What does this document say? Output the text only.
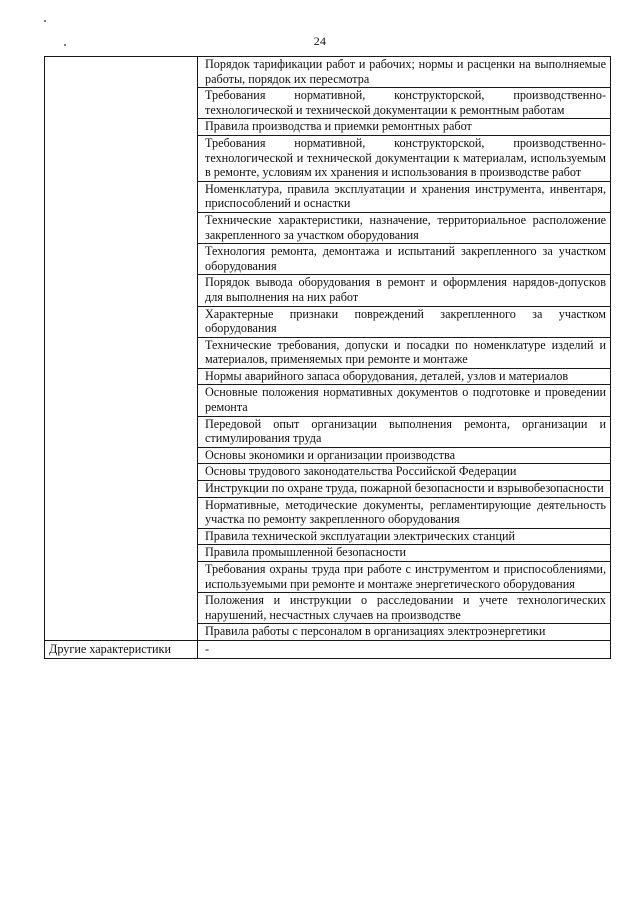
24
	Порядок тарификации работ и рабочих; нормы и расценки на выполняемые работы, порядок их пересмотра
	Требования нормативной, конструкторской, производственно-технологической и технической документации к ремонтным работам
	Правила производства и приемки ремонтных работ
	Требования нормативной, конструкторской, производственно-технологической и технической документации к материалам, используемым в ремонте, условиям их хранения и использования в производстве работ
	Номенклатура, правила эксплуатации и хранения инструмента, инвентаря, приспособлений и оснастки
	Технические характеристики, назначение, территориальное расположение закрепленного за участком оборудования
	Технология ремонта, демонтажа и испытаний закрепленного за участком оборудования
	Порядок вывода оборудования в ремонт и оформления нарядов-допусков для выполнения на них работ
	Характерные признаки повреждений закрепленного за участком оборудования
	Технические требования, допуски и посадки по номенклатуре изделий и материалов, применяемых при ремонте и монтаже
	Нормы аварийного запаса оборудования, деталей, узлов и материалов
	Основные положения нормативных документов о подготовке и проведении ремонта
	Передовой опыт организации выполнения ремонта, организации и стимулирования труда
	Основы экономики и организации производства
	Основы трудового законодательства Российской Федерации
	Инструкции по охране труда, пожарной безопасности и взрывобезопасности
	Нормативные, методические документы, регламентирующие деятельность участка по ремонту закрепленного оборудования
	Правила технической эксплуатации электрических станций
	Правила промышленной безопасности
	Требования охраны труда при работе с инструментом и приспособлениями, используемыми при ремонте и монтаже энергетического оборудования
	Положения и инструкции о расследовании и учете технологических нарушений, несчастных случаев на производстве
	Правила работы с персоналом в организациях электроэнергетики
Другие характеристики	-
